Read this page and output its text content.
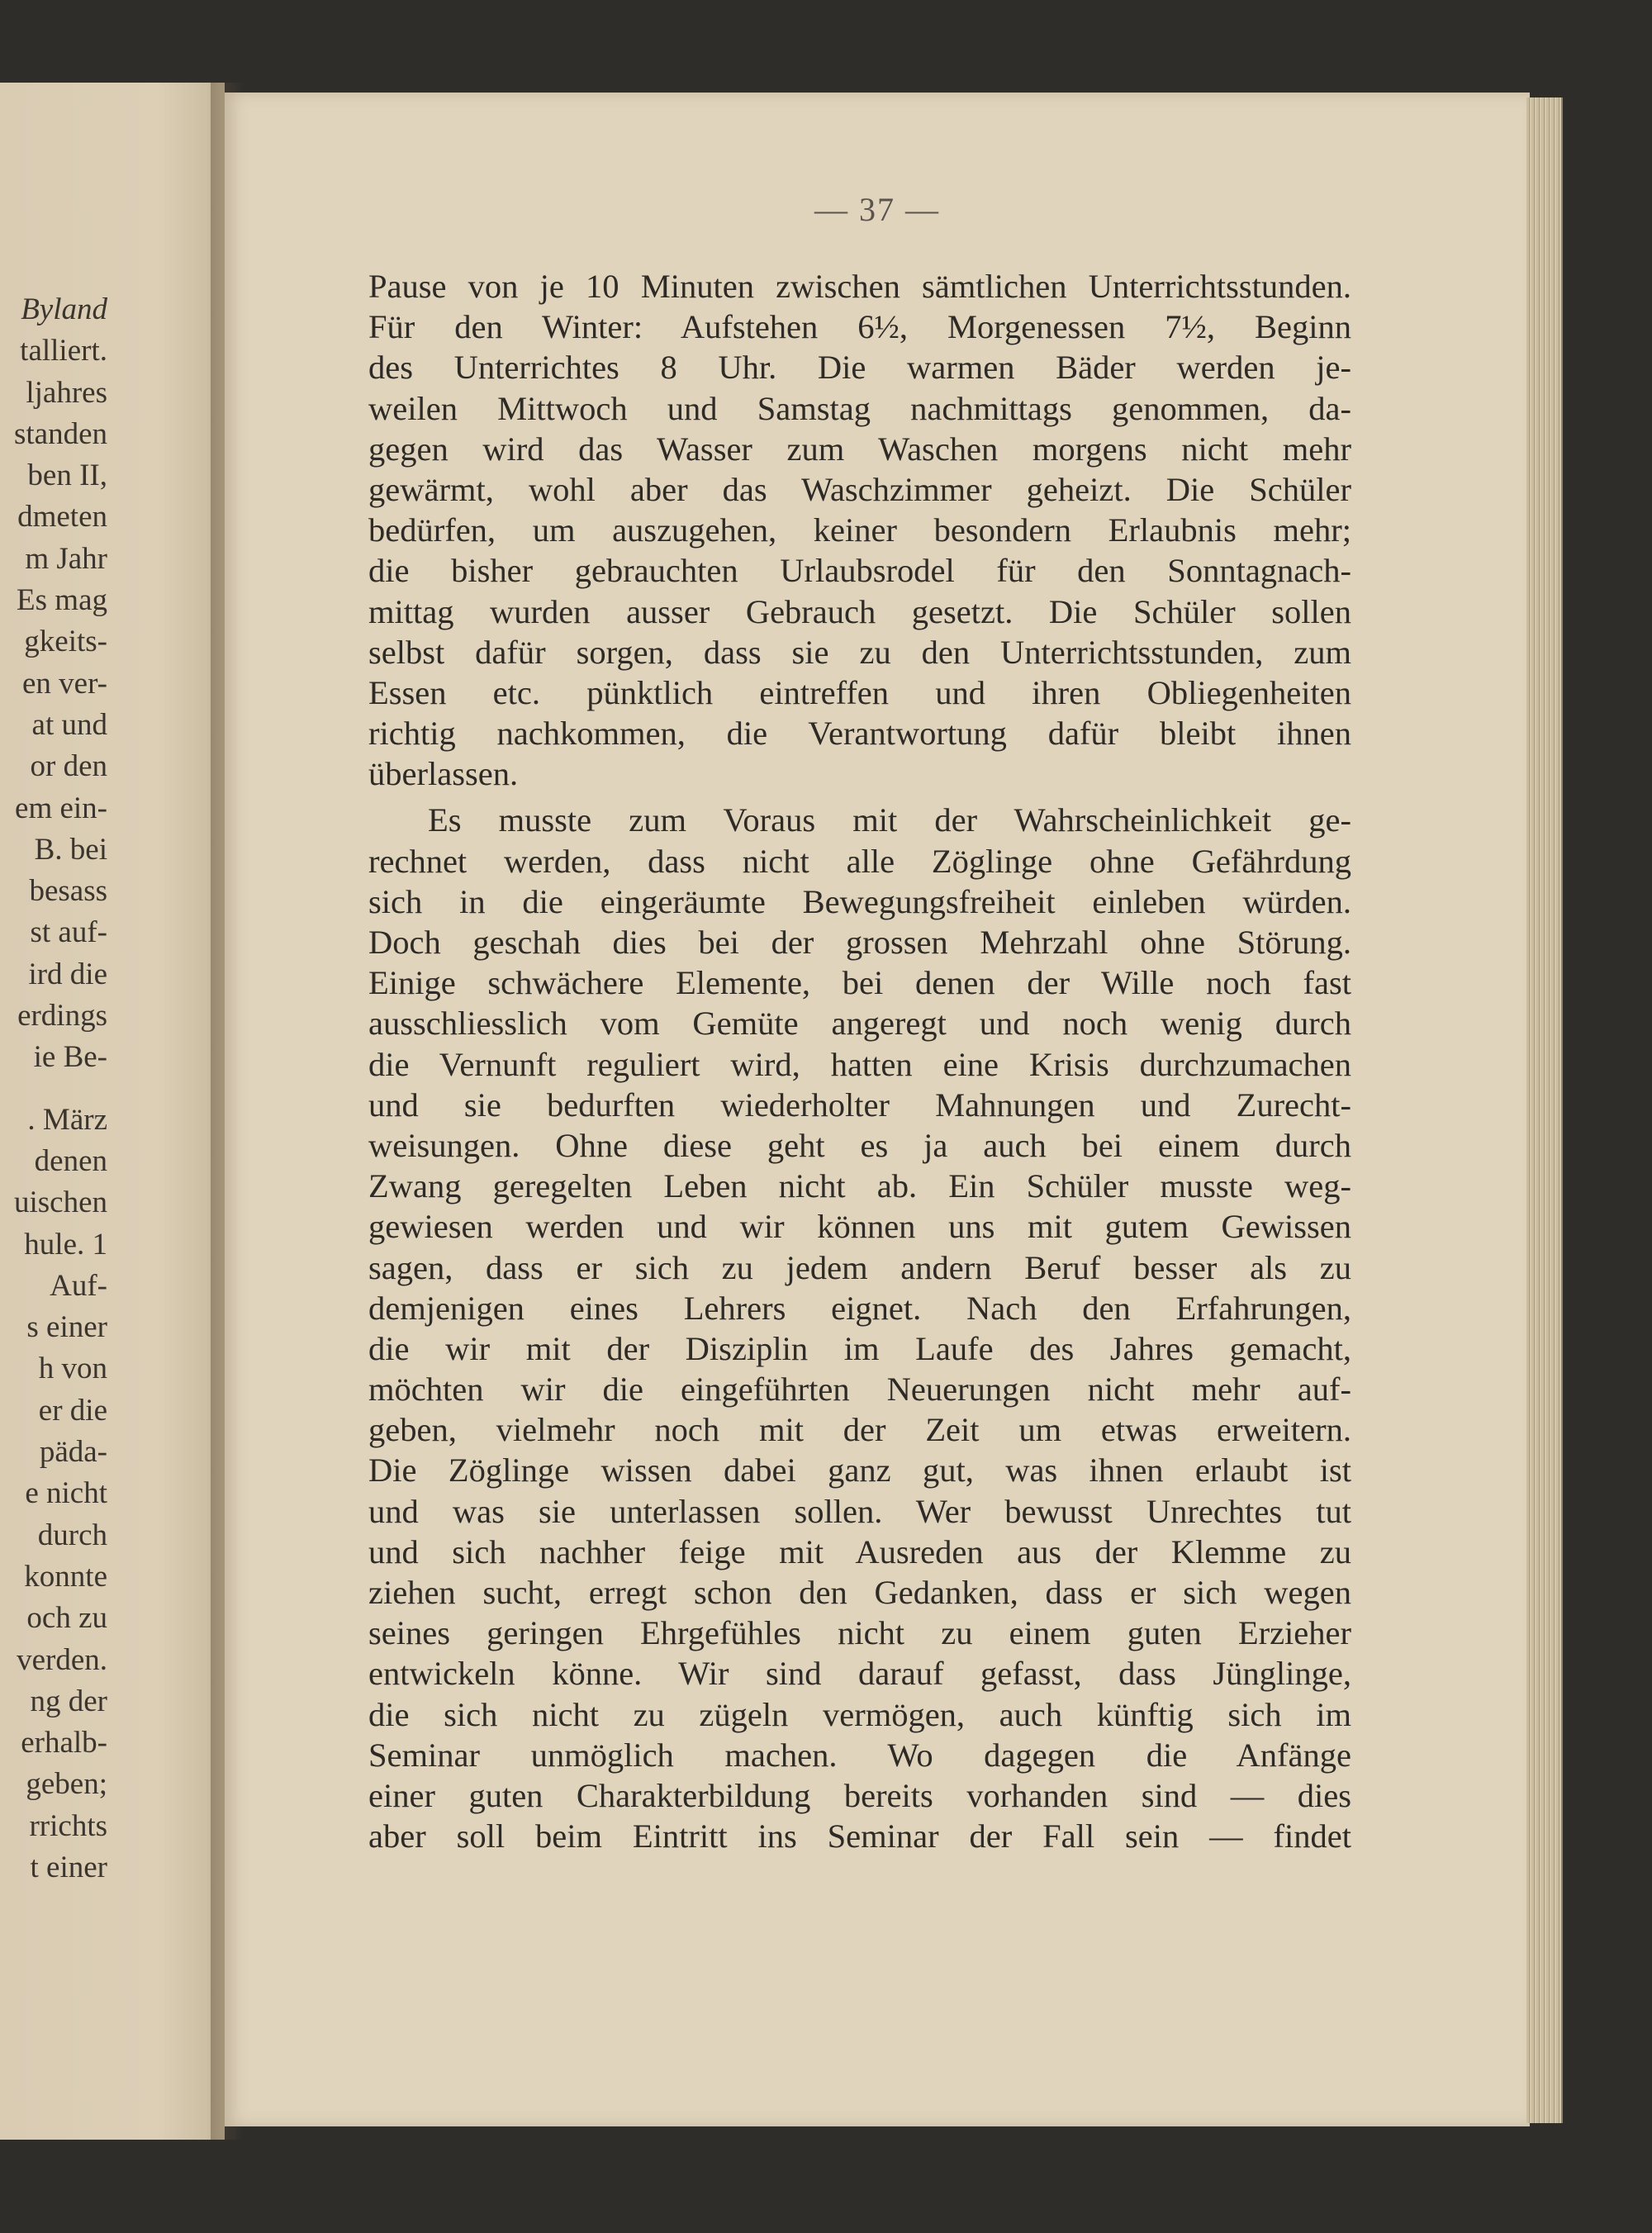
Byland
talliert.
ljahres
standen
ben II,
dmeten
m Jahr
Es mag
gkeits-
en ver-
at und
or den
em ein-
B. bei
besass
st auf-
ird die
erdings
ie Be-
. März
denen
uischen
hule. 1
Auf-
s einer
h von
er die
päda-
e nicht
durch
konnte
och zu
verden.
ng der
erhalb-
geben;
rrichts
t einer
— 37 —
Pause von je 10 Minuten zwischen sämtlichen Unterrichtsstunden.
Für den Winter: Aufstehen 6½, Morgenessen 7½, Beginn
des Unterrichtes 8 Uhr. Die warmen Bäder werden je-
weilen Mittwoch und Samstag nachmittags genommen, da-
gegen wird das Wasser zum Waschen morgens nicht mehr
gewärmt, wohl aber das Waschzimmer geheizt. Die Schüler
bedürfen, um auszugehen, keiner besondern Erlaubnis mehr;
die bisher gebrauchten Urlaubsrodel für den Sonntagnach-
mittag wurden ausser Gebrauch gesetzt. Die Schüler sollen
selbst dafür sorgen, dass sie zu den Unterrichtsstunden, zum
Essen etc. pünktlich eintreffen und ihren Obliegenheiten
richtig nachkommen, die Verantwortung dafür bleibt ihnen
überlassen.
Es musste zum Voraus mit der Wahrscheinlichkeit ge-
rechnet werden, dass nicht alle Zöglinge ohne Gefährdung
sich in die eingeräumte Bewegungsfreiheit einleben würden.
Doch geschah dies bei der grossen Mehrzahl ohne Störung.
Einige schwächere Elemente, bei denen der Wille noch fast
ausschliesslich vom Gemüte angeregt und noch wenig durch
die Vernunft reguliert wird, hatten eine Krisis durchzumachen
und sie bedurften wiederholter Mahnungen und Zurecht-
weisungen. Ohne diese geht es ja auch bei einem durch
Zwang geregelten Leben nicht ab. Ein Schüler musste weg-
gewiesen werden und wir können uns mit gutem Gewissen
sagen, dass er sich zu jedem andern Beruf besser als zu
demjenigen eines Lehrers eignet. Nach den Erfahrungen,
die wir mit der Disziplin im Laufe des Jahres gemacht,
möchten wir die eingeführten Neuerungen nicht mehr auf-
geben, vielmehr noch mit der Zeit um etwas erweitern.
Die Zöglinge wissen dabei ganz gut, was ihnen erlaubt ist
und was sie unterlassen sollen. Wer bewusst Unrechtes tut
und sich nachher feige mit Ausreden aus der Klemme zu
ziehen sucht, erregt schon den Gedanken, dass er sich wegen
seines geringen Ehrgefühles nicht zu einem guten Erzieher
entwickeln könne. Wir sind darauf gefasst, dass Jünglinge,
die sich nicht zu zügeln vermögen, auch künftig sich im
Seminar unmöglich machen. Wo dagegen die Anfänge
einer guten Charakterbildung bereits vorhanden sind — dies
aber soll beim Eintritt ins Seminar der Fall sein — findet
